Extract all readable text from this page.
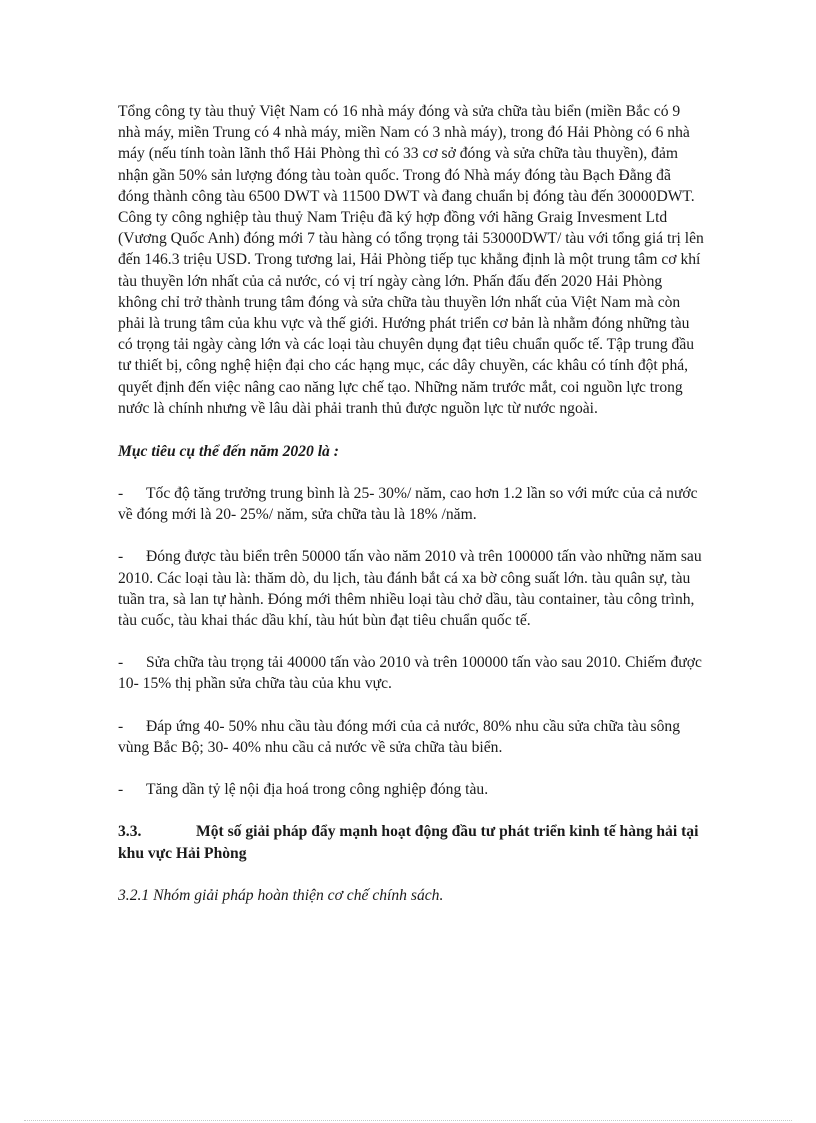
Tổng công ty tàu thuỷ Việt Nam có 16 nhà máy đóng và sửa chữa tàu biển (miền Bắc có 9 nhà máy, miền Trung có 4 nhà máy, miền Nam có 3 nhà máy), trong đó Hải Phòng có 6 nhà máy (nếu tính toàn lãnh thổ Hải Phòng thì có 33 cơ sở đóng và sửa chữa tàu thuyền), đảm nhận gần 50% sản lượng đóng tàu toàn quốc. Trong đó Nhà máy đóng tàu Bạch Đằng đã đóng thành công tàu 6500 DWT và 11500 DWT và đang chuẩn bị đóng tàu đến 30000DWT. Công ty công nghiệp tàu thuỷ Nam Triệu đã ký hợp đồng với hãng Graig Invesment Ltd (Vương Quốc Anh) đóng mới 7 tàu hàng có tổng trọng tải 53000DWT/ tàu với tổng giá trị lên đến 146.3 triệu USD. Trong tương lai, Hải Phòng tiếp tục khẳng định là một trung tâm cơ khí tàu thuyền lớn nhất của cả nước, có vị trí ngày càng lớn. Phấn đấu đến 2020 Hải Phòng không chỉ trở thành trung tâm đóng và sửa chữa tàu thuyền lớn nhất của Việt Nam mà còn phải là trung tâm của khu vực và thế giới. Hướng phát triển cơ bản là nhằm đóng những tàu có trọng tải ngày càng lớn và các loại tàu chuyên dụng đạt tiêu chuẩn quốc tế. Tập trung đầu tư thiết bị, công nghệ hiện đại cho các hạng mục, các dây chuyền, các khâu có tính đột phá, quyết định đến việc nâng cao năng lực chế tạo. Những năm trước mắt, coi nguồn lực trong nước là chính nhưng về lâu dài phải tranh thủ được nguồn lực từ nước ngoài.

Mục tiêu cụ thể đến năm 2020 là :

- Tốc độ tăng trưởng trung bình là 25- 30%/ năm, cao hơn 1.2 lần so với mức của cả nước về đóng mới là 20- 25%/ năm, sửa chữa tàu là 18% /năm.
- Đóng được tàu biển trên 50000 tấn vào năm 2010 và trên 100000 tấn vào những năm sau 2010. Các loại tàu là: thăm dò, du lịch, tàu đánh bắt cá xa bờ công suất lớn. tàu quân sự, tàu tuần tra, sà lan tự hành. Đóng mới thêm nhiều loại tàu chở dầu, tàu container, tàu công trình, tàu cuốc, tàu khai thác dầu khí, tàu hút bùn đạt tiêu chuẩn quốc tế.
- Sửa chữa tàu trọng tải 40000 tấn vào 2010 và trên 100000 tấn vào sau 2010. Chiếm được 10- 15% thị phần sửa chữa tàu của khu vực.
- Đáp ứng 40- 50% nhu cầu tàu đóng mới của cả nước, 80% nhu cầu sửa chữa tàu sông vùng Bắc Bộ; 30- 40% nhu cầu cả nước về sửa chữa tàu biển.
- Tăng dần tỷ lệ nội địa hoá trong công nghiệp đóng tàu.

3.3.	Một số giải pháp đẩy mạnh hoạt động đầu tư phát triển kinh tế hàng hải tại khu vực Hải Phòng

3.2.1 Nhóm giải pháp hoàn thiện cơ chế chính sách.
